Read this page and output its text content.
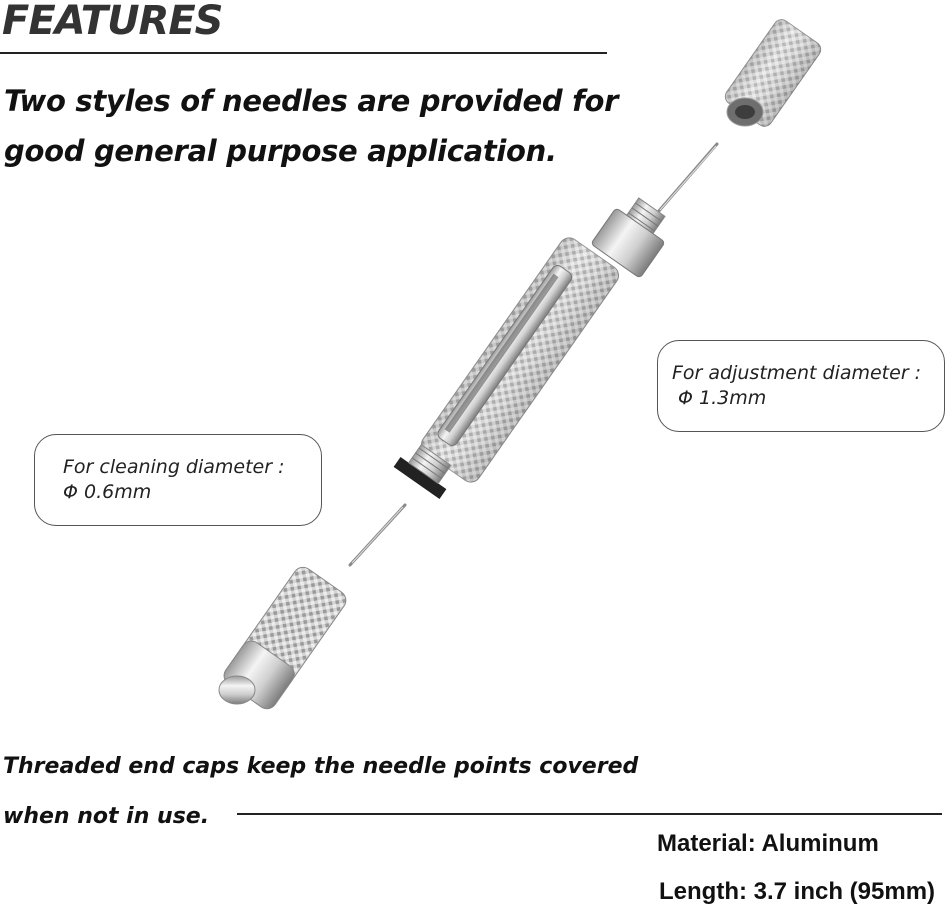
FEATURES
Two styles of needles are provided for
good general purpose application.
For adjustment diameter :
Φ 1.3mm
For cleaning diameter :
Φ 0.6mm
Threaded end caps keep the needle points covered
when not in use.
Material: Aluminum
Length: 3.7 inch (95mm)
